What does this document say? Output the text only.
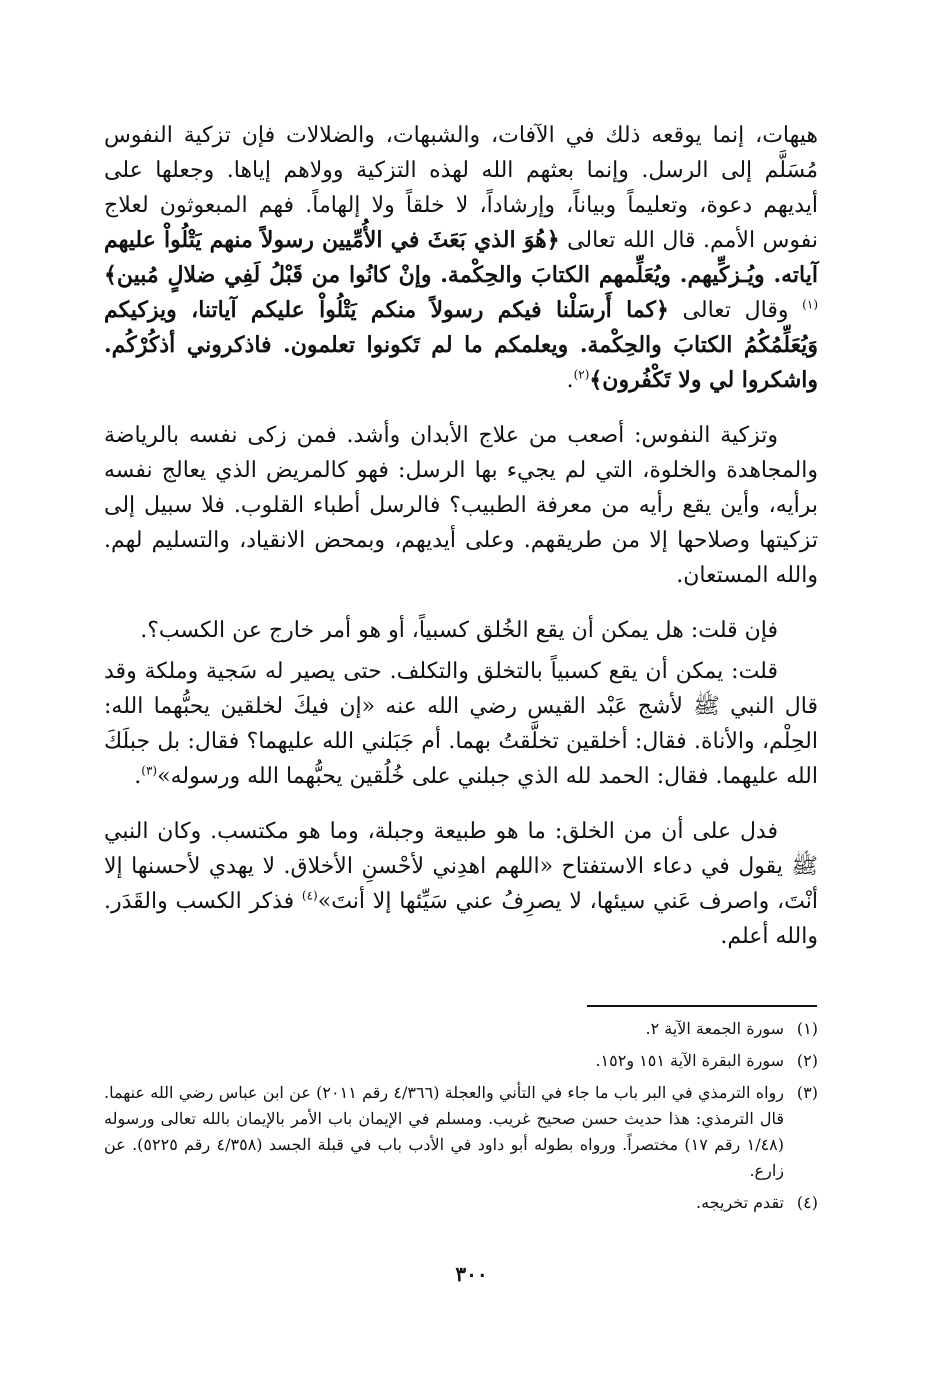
هيهات، إنما يوقعه ذلك في الآفات، والشبهات، والضلالات فإن تزكية النفوس مُسَلَّم إلى الرسل. وإنما بعثهم الله لهذه التزكية وولاهم إياها. وجعلها على أيديهم دعوة، وتعليماً وبياناً، وإرشاداً، لا خلقاً ولا إلهاماً. فهم المبعوثون لعلاج نفوس الأمم. قال الله تعالى ﴿هُوَ الذي بَعَثَ في الأُمِّيين رسولاً منهم يَتْلُواْ عليهم آياته. ويُـزكِّيهم. ويُعَلِّمهم الكتابَ والحِكْمة. وإنْ كانُوا من قَبْلُ لَفِي ضلالٍ مُبين﴾$^{(١)}$ وقال تعالى ﴿كما أَرسَلْنا فيكم رسولاً منكم يَتْلُواْ عليكم آياتنا، ويزكيكم وَيُعَلِّمُكُمُ الكتابَ والحِكْمة. ويعلمكم ما لم تَكونوا تعلمون. فاذكروني أذكُرْكُم. واشكروا لي ولا تَكْفُرون﴾$^{(٢)}$.

وتزكية النفوس: أصعب من علاج الأبدان وأشد. فمن زكى نفسه بالرياضة والمجاهدة والخلوة، التي لم يجيء بها الرسل: فهو كالمريض الذي يعالج نفسه برأيه، وأين يقع رأيه من معرفة الطبيب؟ فالرسل أطباء القلوب. فلا سبيل إلى تزكيتها وصلاحها إلا من طريقهم. وعلى أيديهم، وبمحض الانقياد، والتسليم لهم. والله المستعان.

فإن قلت: هل يمكن أن يقع الخُلق كسبياً، أو هو أمر خارج عن الكسب؟.

قلت: يمكن أن يقع كسبياً بالتخلق والتكلف. حتى يصير له سَجية وملكة وقد قال النبي ﷺ لأشج عَبْد القيس رضي الله عنه «إن فيكَ لخلقين يحبُّهما الله: الحِلْم، والأناة. فقال: أخلقين تخلَّقتُ بهما. أم جَبَلني الله عليهما؟ فقال: بل جبلَكَ الله عليهما. فقال: الحمد لله الذي جبلني على خُلُقين يحبُّهما الله ورسوله»$^{(٣)}$.

فدل على أن من الخلق: ما هو طبيعة وجبلة، وما هو مكتسب. وكان النبي ﷺ يقول في دعاء الاستفتاح «اللهم اهدِني لأحْسنِ الأخلاق. لا يهدي لأحسنها إلا أنْتَ، واصرف عَني سيئها، لا يصرِفُ عني سَيِّئها إلا أنتَ»$^{(٤)}$ فذكر الكسب والقَدَر. والله أعلم.

(١)
سورة الجمعة الآية ٢.
(٢)
سورة البقرة الآية ١٥١ و١٥٢.
(٣)
رواه الترمذي في البر باب ما جاء في التأني والعجلة (٤/٣٦٦ رقم ٢٠١١) عن ابن عباس رضي الله عنهما. قال الترمذي: هذا حديث حسن صحيح غريب. ومسلم في الإيمان باب الأمر بالإيمان بالله تعالى ورسوله (١/٤٨ رقم ١٧) مختصراً. ورواه بطوله أبو داود في الأدب باب في قبلة الجسد (٤/٣٥٨ رقم ٥٢٢٥). عن زارع.
(٤)
تقدم تخريجه.
٣٠٠
